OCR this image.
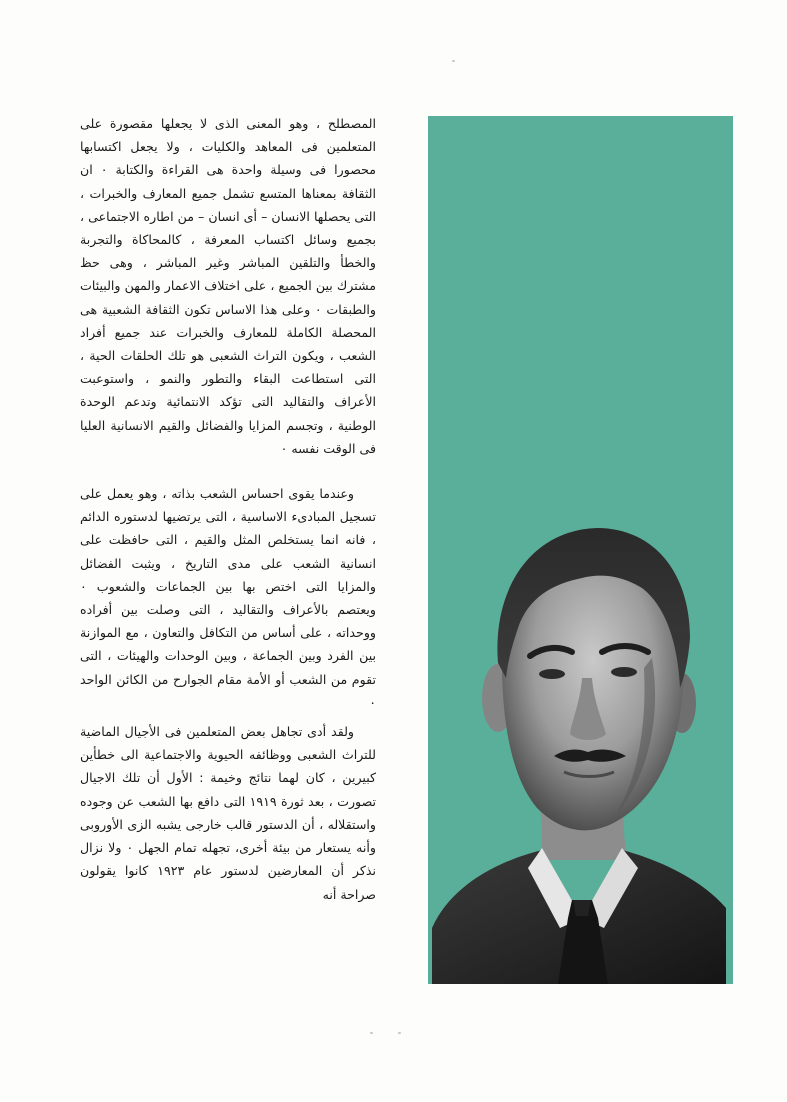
المصطلح ، وهو المعنى الذى لا يجعلها مقصورة على المتعلمين فى المعاهد والكليات ، ولا يجعل اكتسابها محصورا فى وسيلة واحدة هى القراءة والكتابة ٠ ان الثقافة بمعناها المتسع تشمل جميع المعارف والخبرات ، التى يحصلها الانسان – أى انسان – من اطاره الاجتماعى ، بجميع وسائل اكتساب المعرفة ، كالمحاكاة والتجربة والخطأ والتلقين المباشر وغير المباشر ، وهى حظ مشترك بين الجميع ، على اختلاف الاعمار والمهن والبيئات والطبقات ٠ وعلى هذا الاساس تكون الثقافة الشعبية هى المحصلة الكاملة للمعارف والخبرات عند جميع أفراد الشعب ، ويكون التراث الشعبى هو تلك الحلقات الحية ، التى استطاعت البقاء والتطور والنمو ، واستوعبت الأعراف والتقاليد التى تؤكد الانتمائية وتدعم الوحدة الوطنية ، وتجسم المزايا والفضائل والقيم الانسانية العليا فى الوقت نفسه ٠

وعندما يقوى احساس الشعب بذاته ، وهو يعمل على تسجيل المبادىء الاساسية ، التى يرتضيها لدستوره الدائم ، فانه انما يستخلص المثل والقيم ، التى حافظت على انسانية الشعب على مدى التاريخ ، ويثبت الفضائل والمزايا التى اختص بها بين الجماعات والشعوب ٠ ويعتصم بالأعراف والتقاليد ، التى وصلت بين أفراده ووحداته ، على أساس من التكافل والتعاون ، مع الموازنة بين الفرد وبين الجماعة ، وبين الوحدات والهيئات ، التى تقوم من الشعب أو الأمة مقام الجوارح من الكائن الواحد ٠

ولقد أدى تجاهل بعض المتعلمين فى الأجيال الماضية للتراث الشعبى ووظائفه الحيوية والاجتماعية الى خطأين كبيرين ، كان لهما نتائج وخيمة : الأول أن تلك الاجيال تصورت ، بعد ثورة ١٩١٩ التى دافع بها الشعب عن وجوده واستقلاله ، أن الدستور قالب خارجى يشبه الزى الأوروبى وأنه يستعار من بيئة أخرى، تجهله تمام الجهل ٠ ولا نزال نذكر أن المعارضين لدستور عام ١٩٢٣ كانوا يقولون صراحة أنه
